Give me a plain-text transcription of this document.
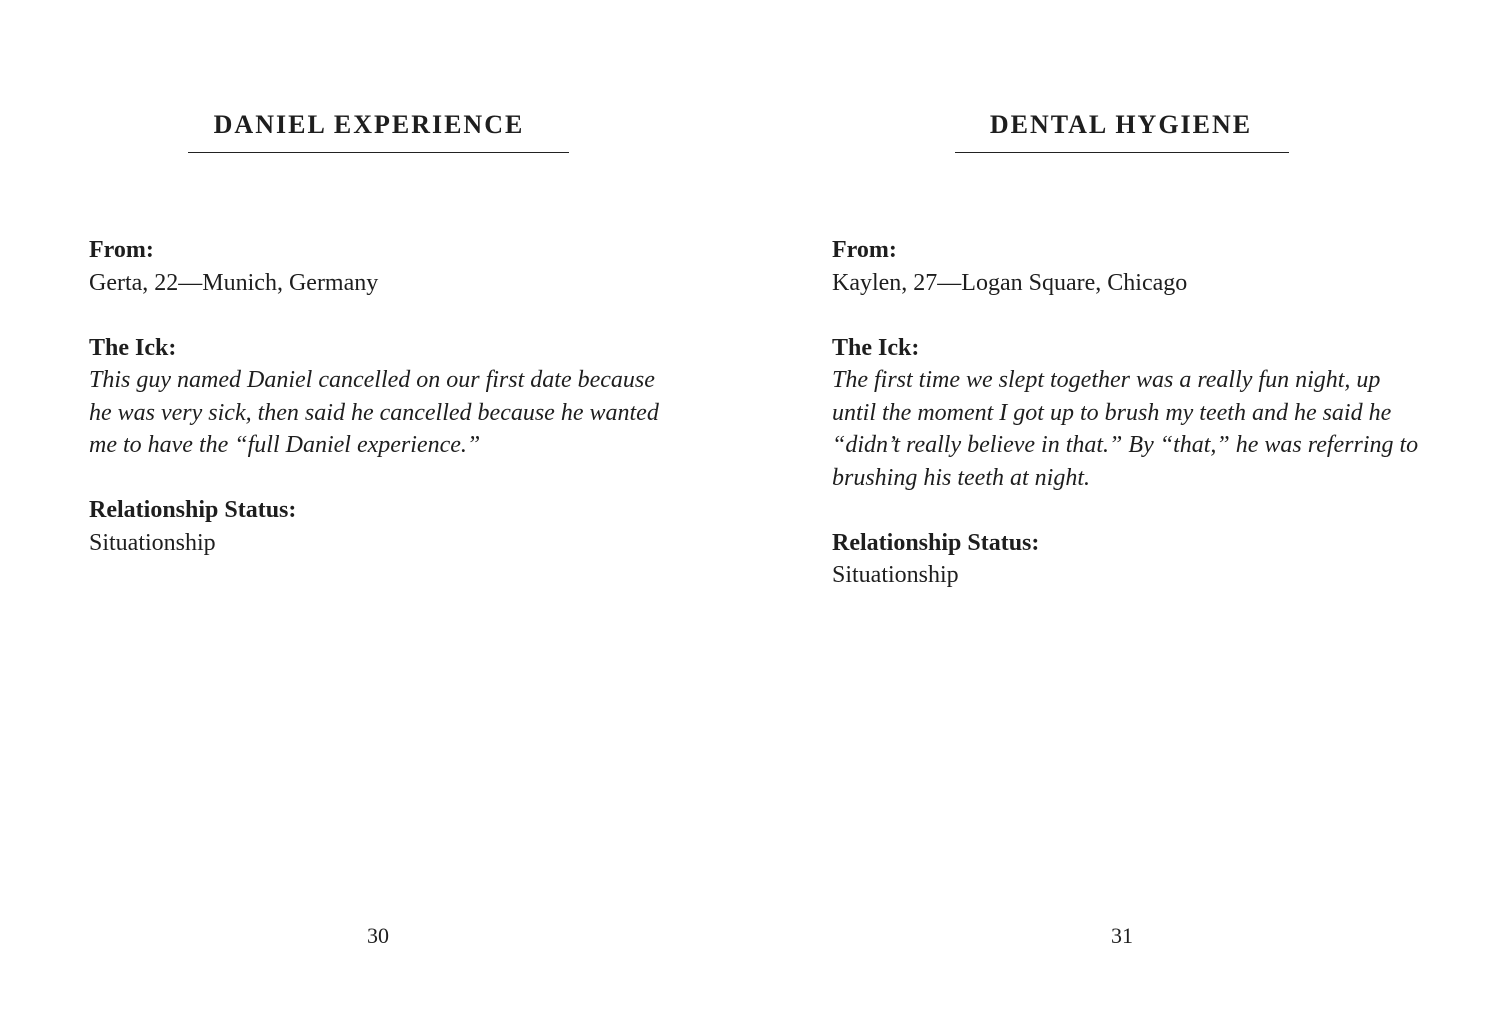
DANIEL EXPERIENCE
From:
Gerta, 22—Munich, Germany
The Ick:
This guy named Daniel cancelled on our first date because he was very sick, then said he cancelled because he wanted me to have the “full Daniel experience.”
Relationship Status:
Situationship
30
DENTAL HYGIENE
From:
Kaylen, 27—Logan Square, Chicago
The Ick:
The first time we slept together was a really fun night, up until the moment I got up to brush my teeth and he said he “didn’t really believe in that.” By “that,” he was referring to brushing his teeth at night.
Relationship Status:
Situationship
31
